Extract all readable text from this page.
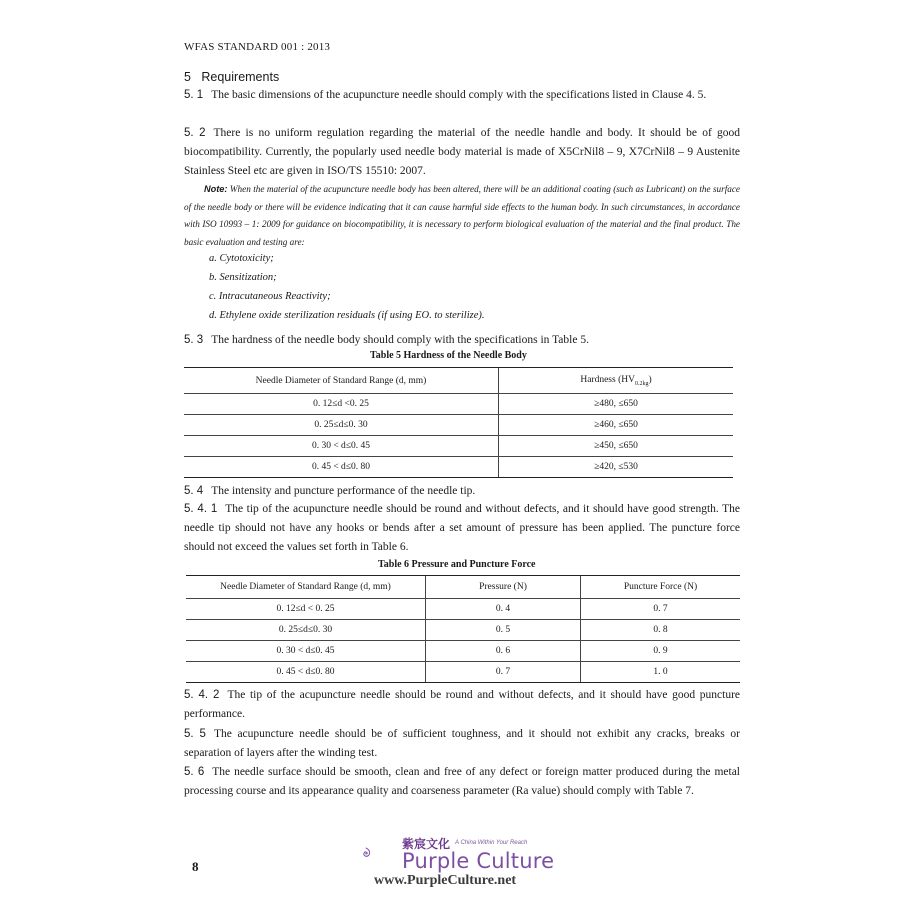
WFAS STANDARD 001 : 2013
5 Requirements
5. 1 The basic dimensions of the acupuncture needle should comply with the specifications listed in Clause 4. 5.
5. 2 There is no uniform regulation regarding the material of the needle handle and body. It should be of good biocompatibility. Currently, the popularly used needle body material is made of X5CrNil8 – 9, X7CrNil8 – 9 Austenite Stainless Steel etc are given in ISO/TS 15510: 2007.
Note: When the material of the acupuncture needle body has been altered, there will be an additional coating (such as Lubricant) on the surface of the needle body or there will be evidence indicating that it can cause harmful side effects to the human body. In such circumstances, in accordance with ISO 10993 – 1: 2009 for guidance on biocompatibility, it is necessary to perform biological evaluation of the material and the final product. The basic evaluation and testing are:
a. Cytotoxicity;
b. Sensitization;
c. Intracutaneous Reactivity;
d. Ethylene oxide sterilization residuals (if using EO. to sterilize).
5. 3 The hardness of the needle body should comply with the specifications in Table 5.
Table 5 Hardness of the Needle Body
Needle Diameter of Standard Range (d, mm)	Hardness $(HV_{0.2kg})$
0. 12≤d <0. 25	≥480, ≤650
0. 25≤d≤0. 30	≥460, ≤650
0. 30 < d≤0. 45	≥450, ≤650
0. 45 < d≤0. 80	≥420, ≤530
5. 4 The intensity and puncture performance of the needle tip.
5. 4. 1 The tip of the acupuncture needle should be round and without defects, and it should have good strength. The needle tip should not have any hooks or bends after a set amount of pressure has been applied. The puncture force should not exceed the values set forth in Table 6.
Table 6 Pressure and Puncture Force
Needle Diameter of Standard Range (d, mm)	Pressure (N)	Puncture Force (N)
0. 12≤d < 0. 25	0. 4	0. 7
0. 25≤d≤0. 30	0. 5	0. 8
0. 30 < d≤0. 45	0. 6	0. 9
0. 45 < d≤0. 80	0. 7	1. 0
5. 4. 2 The tip of the acupuncture needle should be round and without defects, and it should have good puncture performance.
5. 5 The acupuncture needle should be of sufficient toughness, and it should not exhibit any cracks, breaks or separation of layers after the winding test.
5. 6 The needle surface should be smooth, clean and free of any defect or foreign matter produced during the metal processing course and its appearance quality and coarseness parameter (Ra value) should comply with Table 7.
8
紫宸文化 A China Within Your Reach
Purple Culture
www.PurpleCulture.net
